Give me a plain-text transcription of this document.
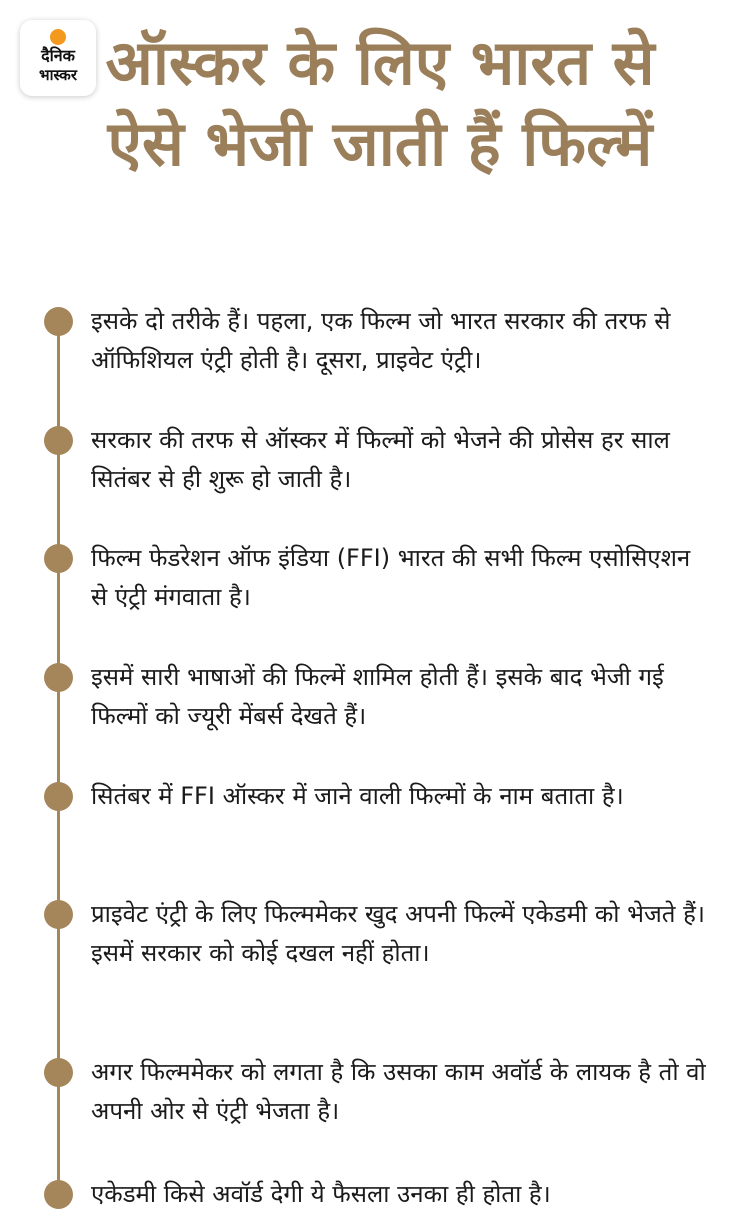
दैनिक
भास्कर ऑस्कर के लिए भारत से ऐसे भेजी जाती हैं फिल्में

इसके दो तरीके हैं। पहला, एक फिल्म जो भारत सरकार की तरफ से ऑफिशियल एंट्री होती है। दूसरा, प्राइवेट एंट्री।

सरकार की तरफ से ऑस्कर में फिल्मों को भेजने की प्रोसेस हर साल सितंबर से ही शुरू हो जाती है।

फिल्म फेडरेशन ऑफ इंडिया (FFI) भारत की सभी फिल्म एसोसिएशन से एंट्री मंगवाता है।

इसमें सारी भाषाओं की फिल्में शामिल होती हैं। इसके बाद भेजी गई फिल्मों को ज्यूरी मेंबर्स देखते हैं।

सितंबर में FFI ऑस्कर में जाने वाली फिल्मों के नाम बताता है।

प्राइवेट एंट्री के लिए फिल्ममेकर खुद अपनी फिल्में एकेडमी को भेजते हैं। इसमें सरकार को कोई दखल नहीं होता।

अगर फिल्ममेकर को लगता है कि उसका काम अवॉर्ड के लायक है तो वो अपनी ओर से एंट्री भेजता है।

एकेडमी किसे अवॉर्ड देगी ये फैसला उनका ही होता है।
